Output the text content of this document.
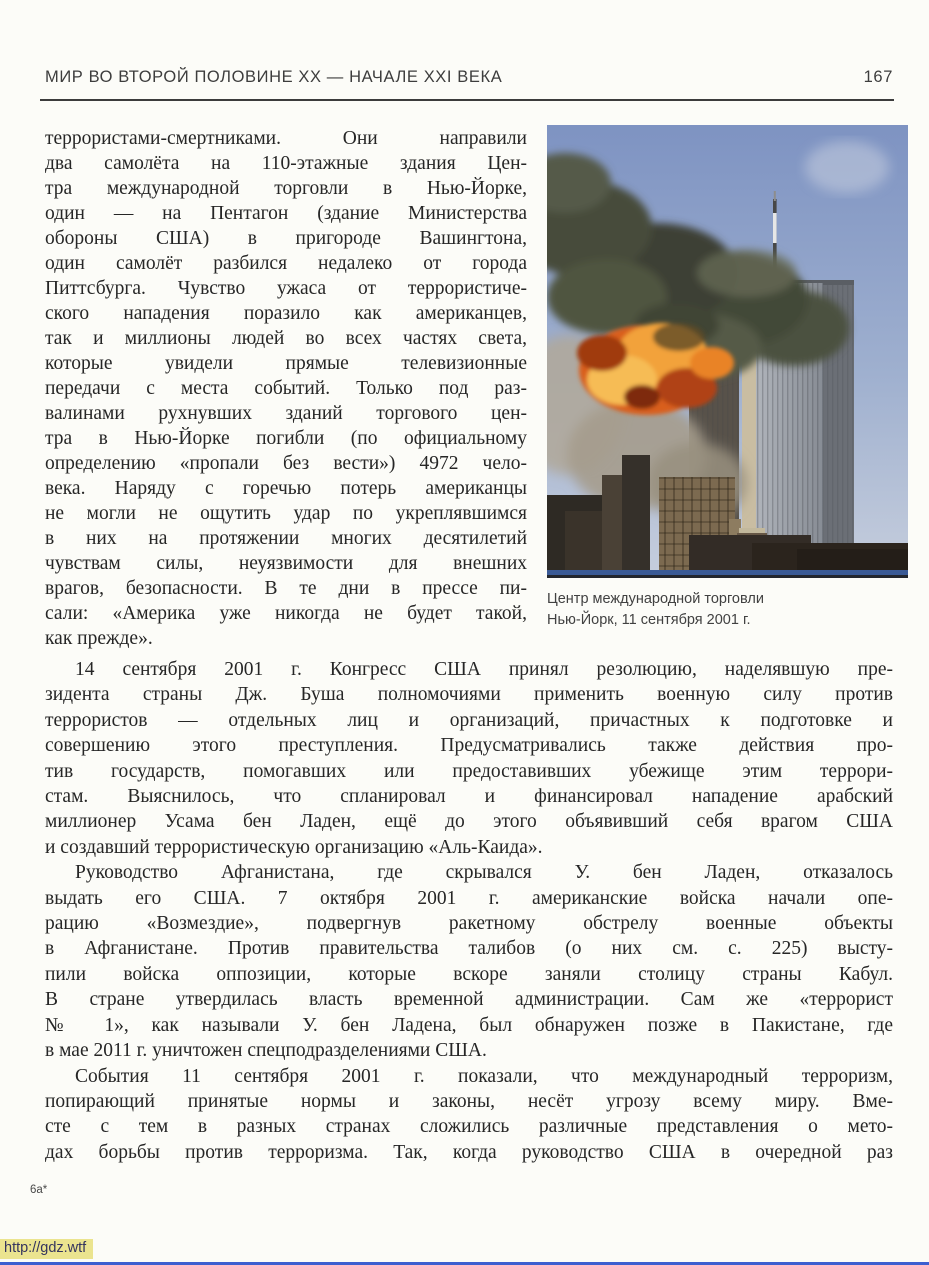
МИР ВО ВТОРОЙ ПОЛОВИНЕ XX — НАЧАЛЕ XXI ВЕКА	167
террористами-смертниками. Они направили
два самолёта на 110-этажные здания Цен-
тра международной торговли в Нью-Йорке,
один — на Пентагон (здание Министерства
обороны США) в пригороде Вашингтона,
один самолёт разбился недалеко от города
Питтсбурга. Чувство ужаса от террористиче-
ского нападения поразило как американцев,
так и миллионы людей во всех частях света,
которые увидели прямые телевизионные
передачи с места событий. Только под раз-
валинами рухнувших зданий торгового цен-
тра в Нью-Йорке погибли (по официальному
определению «пропали без вести») 4972 чело-
века. Наряду с горечью потерь американцы
не могли не ощутить удар по укреплявшимся
в них на протяжении многих десятилетий
чувствам силы, неуязвимости для внешних
врагов, безопасности. В те дни в прессе пи-
сали: «Америка уже никогда не будет такой,
как прежде».
Центр международной торговли
Нью-Йорк, 11 сентября 2001 г.
14 сентября 2001 г. Конгресс США принял резолюцию, наделявшую пре-
зидента страны Дж. Буша полномочиями применить военную силу против
террористов — отдельных лиц и организаций, причастных к подготовке и
совершению этого преступления. Предусматривались также действия про-
тив государств, помогавших или предоставивших убежище этим террори-
стам. Выяснилось, что спланировал и финансировал нападение арабский
миллионер Усама бен Ладен, ещё до этого объявивший себя врагом США
и создавший террористическую организацию «Аль-Каида».
Руководство Афганистана, где скрывался У. бен Ладен, отказалось
выдать его США. 7 октября 2001 г. американские войска начали опе-
рацию «Возмездие», подвергнув ракетному обстрелу военные объекты
в Афганистане. Против правительства талибов (о них см. с. 225) высту-
пили войска оппозиции, которые вскоре заняли столицу страны Кабул.
В стране утвердилась власть временной администрации. Сам же «террорист
№ 1», как называли У. бен Ладена, был обнаружен позже в Пакистане, где
в мае 2011 г. уничтожен спецподразделениями США.
События 11 сентября 2001 г. показали, что международный терроризм,
попирающий принятые нормы и законы, несёт угрозу всему миру. Вме-
сте с тем в разных странах сложились различные представления о мето-
дах борьбы против терроризма. Так, когда руководство США в очередной раз
6а*
http://gdz.wtf
